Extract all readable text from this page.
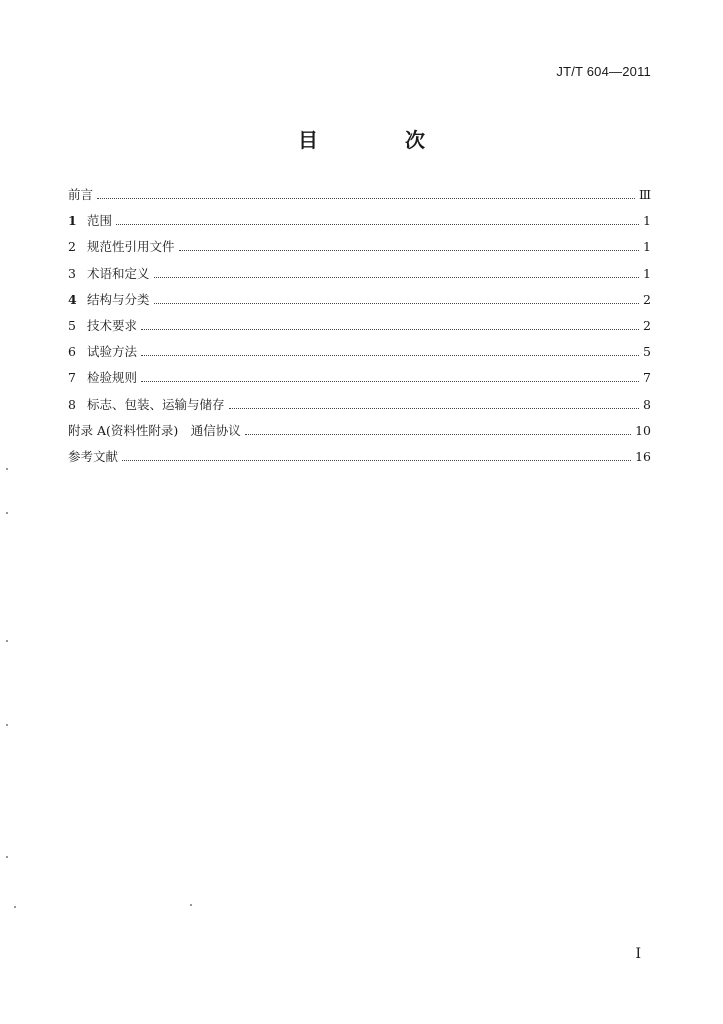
JT/T 604—2011
目 次
前言	Ⅲ
1 范围	1
2 规范性引用文件	1
3 术语和定义	1
4 结构与分类	2
5 技术要求	2
6 试验方法	5
7 检验规则	7
8 标志、包装、运输与储存	8
附录 A(资料性附录)　通信协议	10
参考文献	16
I
